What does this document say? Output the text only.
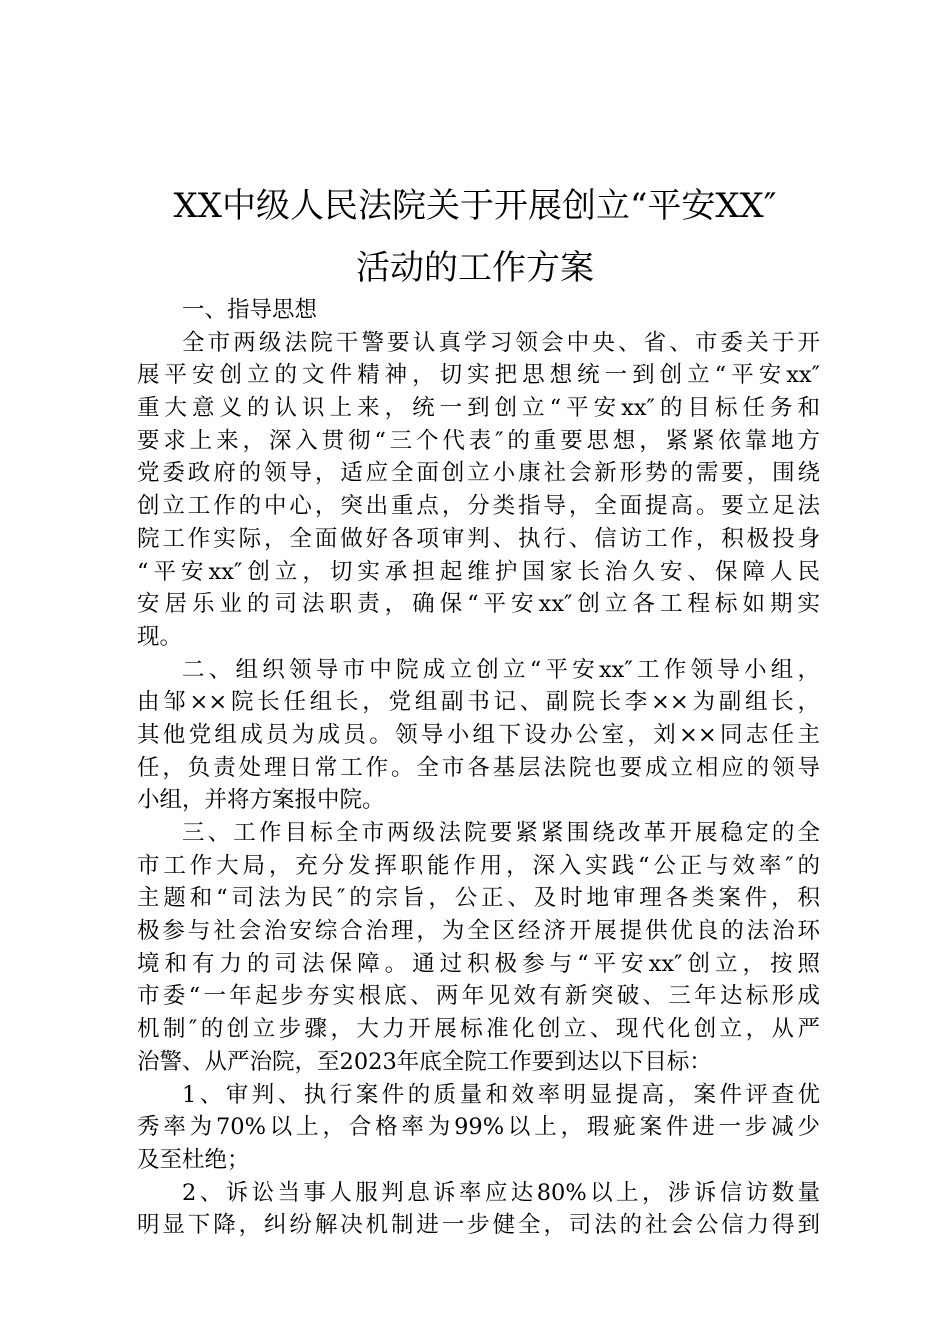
XX中级人民法院关于开展创立“平安XX″
活动的工作方案
一、指导思想
全市两级法院干警要认真学习领会中央、省、市委关于开
展平安创立的文件精神，切实把思想统一到创立“平安xx″
重大意义的认识上来，统一到创立“平安xx″的目标任务和
要求上来，深入贯彻“三个代表″的重要思想，紧紧依靠地方
党委政府的领导，适应全面创立小康社会新形势的需要，围绕
创立工作的中心，突出重点，分类指导，全面提高。要立足法
院工作实际，全面做好各项审判、执行、信访工作，积极投身
“平安xx″创立，切实承担起维护国家长治久安、保障人民
安居乐业的司法职责，确保“平安xx″创立各工程标如期实
现。
二、组织领导市中院成立创立“平安xx″工作领导小组，
由邹××院长任组长，党组副书记、副院长李××为副组长，
其他党组成员为成员。领导小组下设办公室，刘××同志任主
任，负责处理日常工作。全市各基层法院也要成立相应的领导
小组，并将方案报中院。
三、工作目标全市两级法院要紧紧围绕改革开展稳定的全
市工作大局，充分发挥职能作用，深入实践“公正与效率″的
主题和“司法为民″的宗旨，公正、及时地审理各类案件，积
极参与社会治安综合治理，为全区经济开展提供优良的法治环
境和有力的司法保障。通过积极参与“平安xx″创立，按照
市委“一年起步夯实根底、两年见效有新突破、三年达标形成
机制″的创立步骤，大力开展标准化创立、现代化创立，从严
治警、从严治院，至2023年底全院工作要到达以下目标：
1、审判、执行案件的质量和效率明显提高，案件评查优
秀率为70%以上，合格率为99%以上，瑕疵案件进一步减少
及至杜绝；
2、诉讼当事人服判息诉率应达80%以上，涉诉信访数量
明显下降，纠纷解决机制进一步健全，司法的社会公信力得到
